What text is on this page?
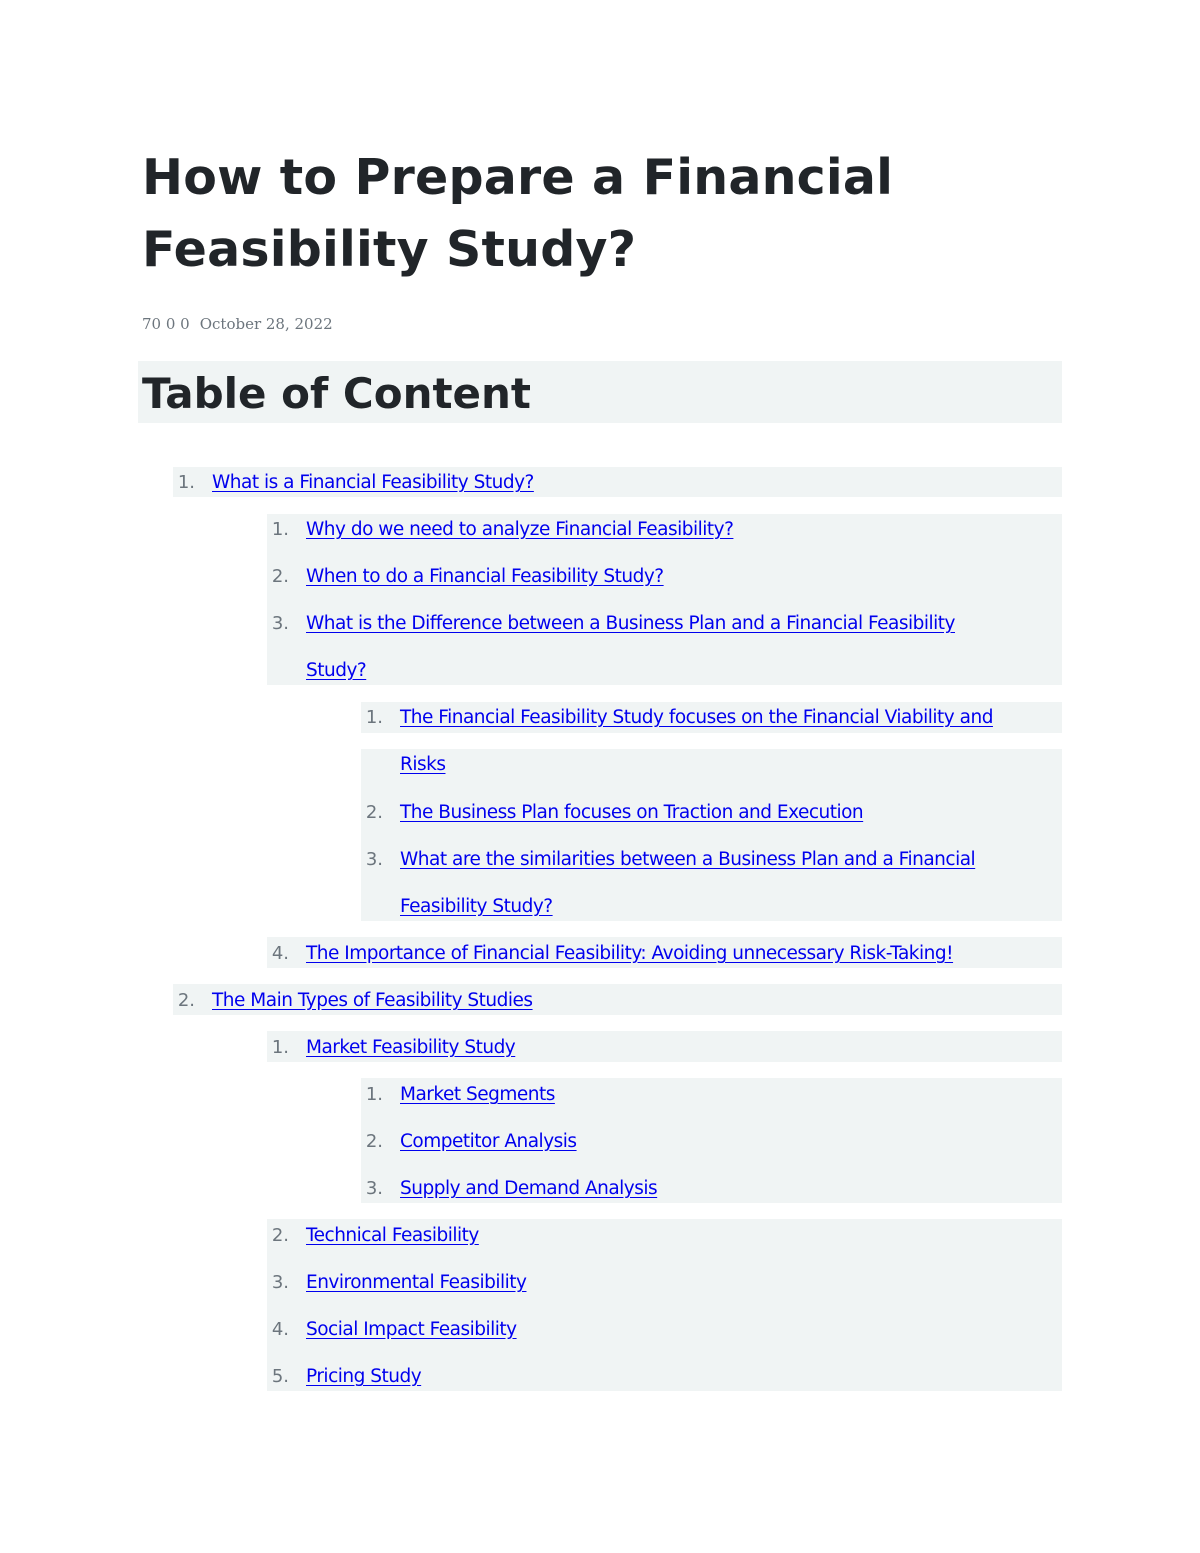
How to Prepare a Financial Feasibility Study?
70 0 0 October 28, 2022
Table of Content
1. What is a Financial Feasibility Study?
1. Why do we need to analyze Financial Feasibility?
2. When to do a Financial Feasibility Study?
3. What is the Difference between a Business Plan and a Financial Feasibility
Study?
1. The Financial Feasibility Study focuses on the Financial Viability and
Risks
2. The Business Plan focuses on Traction and Execution
3. What are the similarities between a Business Plan and a Financial
Feasibility Study?
4. The Importance of Financial Feasibility: Avoiding unnecessary Risk-Taking!
2. The Main Types of Feasibility Studies
1. Market Feasibility Study
1. Market Segments
2. Competitor Analysis
3. Supply and Demand Analysis
2. Technical Feasibility
3. Environmental Feasibility
4. Social Impact Feasibility
5. Pricing Study
